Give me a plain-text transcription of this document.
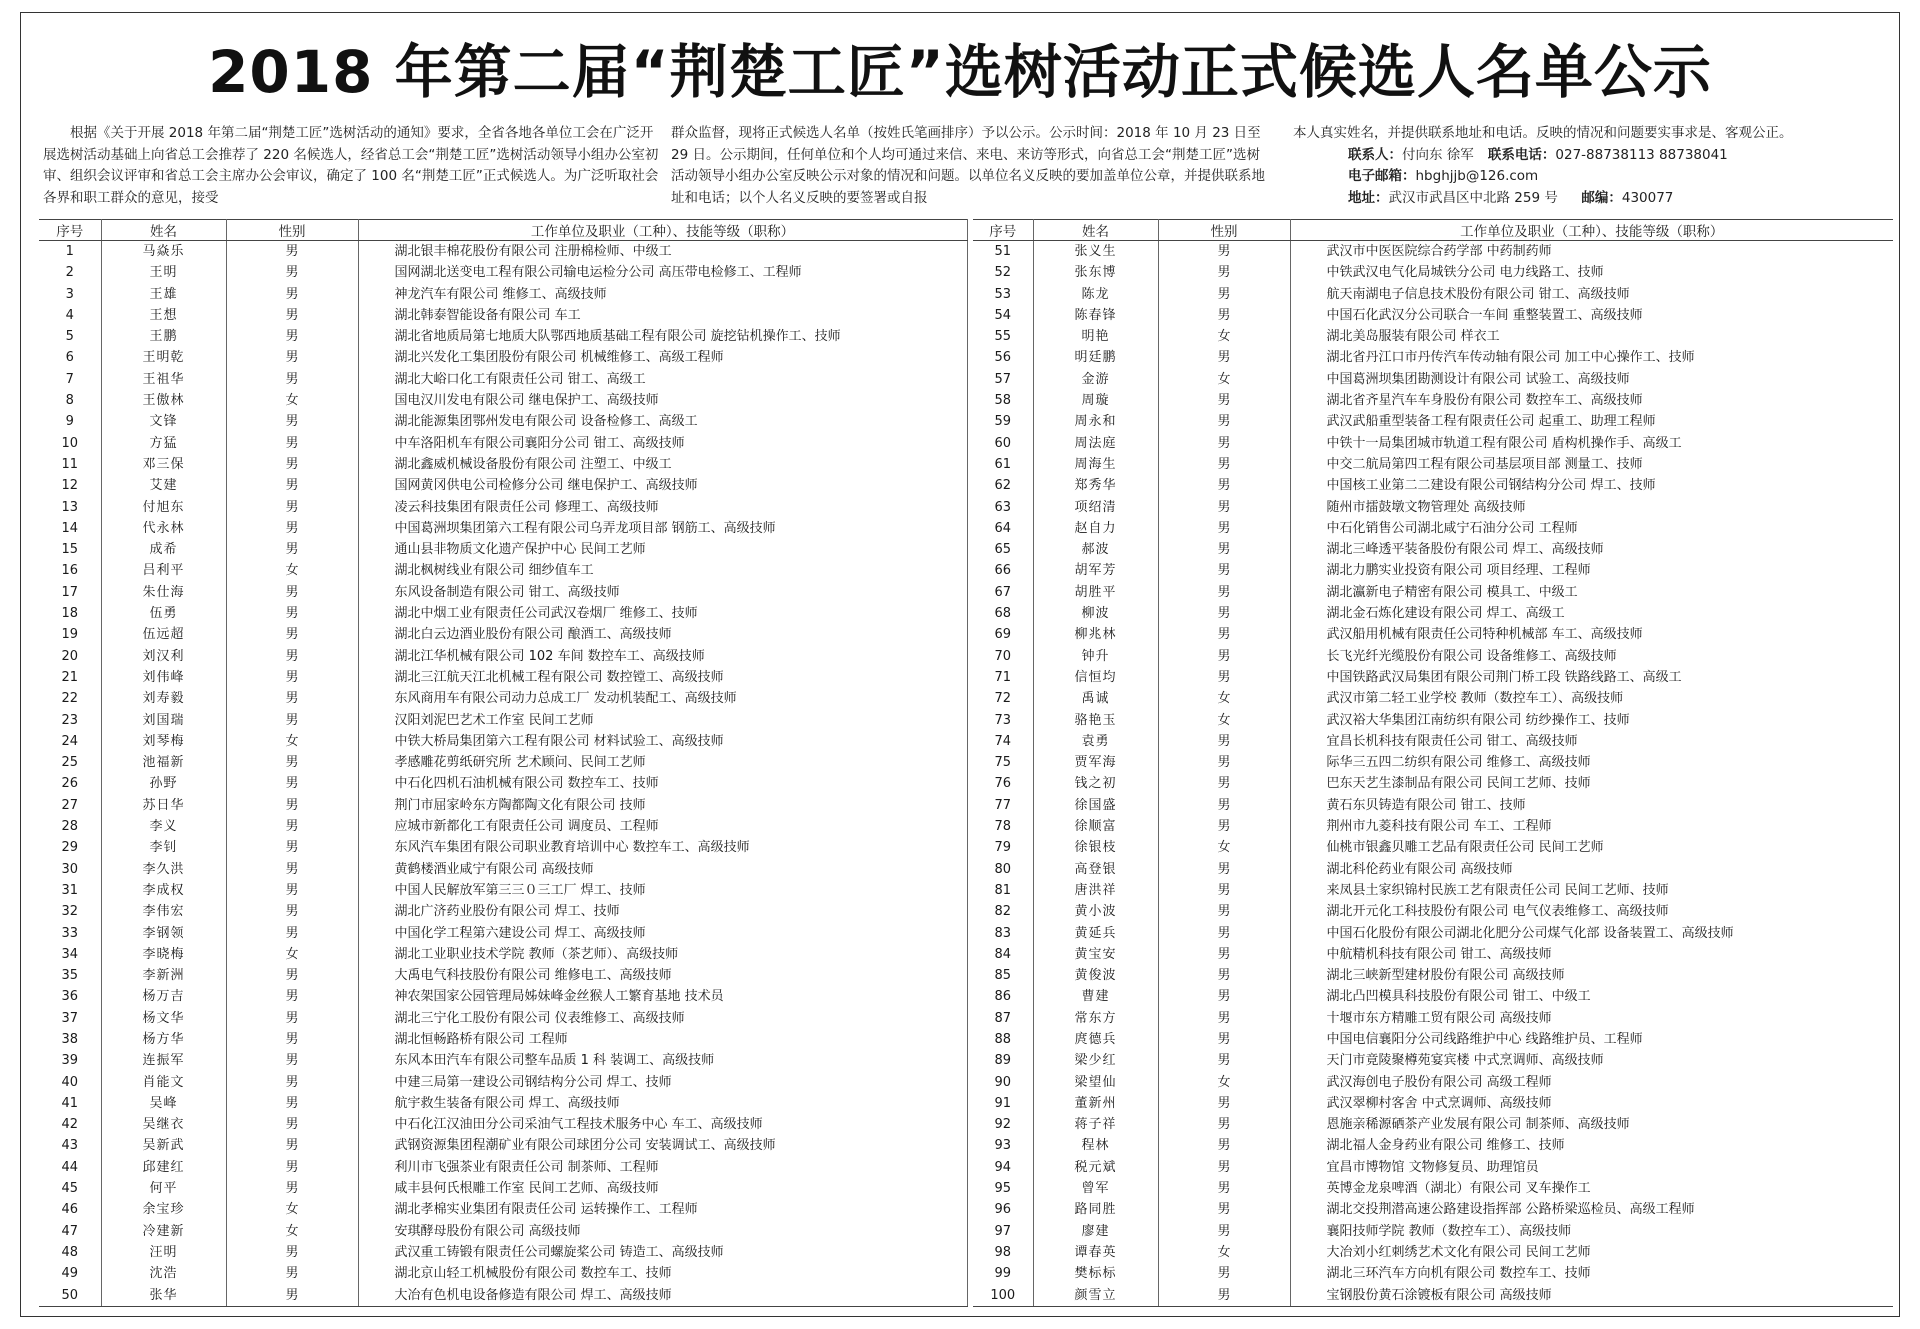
2018 年第二届“荆楚工匠”选树活动正式候选人名单公示

根据《关于开展 2018 年第二届“荆楚工匠”选树活动的通知》要求，全省各地各单位工会在广泛开展选树活动基础上向省总工会推荐了 220 名候选人，经省总工会“荆楚工匠”选树活动领导小组办公室初审、组织会议评审和省总工会主席办公会审议，确定了 100 名“荆楚工匠”正式候选人。为广泛听取社会各界和职工群众的意见，接受

群众监督，现将正式候选人名单（按姓氏笔画排序）予以公示。公示时间：2018 年 10 月 23 日至 29 日。公示期间，任何单位和个人均可通过来信、来电、来访等形式，向省总工会“荆楚工匠”选树活动领导小组办公室反映公示对象的情况和问题。以单位名义反映的要加盖单位公章，并提供联系地址和电话；以个人名义反映的要签署或自报

本人真实姓名，并提供联系地址和电话。反映的情况和问题要实事求是、客观公正。

联系人：付向东 徐军 联系电话：027-88738113 88738041

电子邮箱：hbghjjb@126.com

地址：武汉市武昌区中北路 259 号 邮编：430077

序号	姓名	性别	工作单位及职业（工种）、技能等级（职称）
1	马焱乐	男	湖北银丰棉花股份有限公司 注册棉检师、中级工
2	王明	男	国网湖北送变电工程有限公司输电运检分公司 高压带电检修工、工程师
3	王雄	男	神龙汽车有限公司 维修工、高级技师
4	王想	男	湖北韩泰智能设备有限公司 车工
5	王鹏	男	湖北省地质局第七地质大队鄂西地质基础工程有限公司 旋挖钻机操作工、技师
6	王明乾	男	湖北兴发化工集团股份有限公司 机械维修工、高级工程师
7	王祖华	男	湖北大峪口化工有限责任公司 钳工、高级工
8	王傲林	女	国电汉川发电有限公司 继电保护工、高级技师
9	文锋	男	湖北能源集团鄂州发电有限公司 设备检修工、高级工
10	方猛	男	中车洛阳机车有限公司襄阳分公司 钳工、高级技师
11	邓三保	男	湖北鑫威机械设备股份有限公司 注塑工、中级工
12	艾建	男	国网黄冈供电公司检修分公司 继电保护工、高级技师
13	付旭东	男	凌云科技集团有限责任公司 修理工、高级技师
14	代永林	男	中国葛洲坝集团第六工程有限公司乌弄龙项目部 钢筋工、高级技师
15	成希	男	通山县非物质文化遗产保护中心 民间工艺师
16	吕利平	女	湖北枫树线业有限公司 细纱值车工
17	朱仕海	男	东风设备制造有限公司 钳工、高级技师
18	伍勇	男	湖北中烟工业有限责任公司武汉卷烟厂 维修工、技师
19	伍远超	男	湖北白云边酒业股份有限公司 酿酒工、高级技师
20	刘汉利	男	湖北江华机械有限公司 102 车间 数控车工、高级技师
21	刘伟峰	男	湖北三江航天江北机械工程有限公司 数控镗工、高级技师
22	刘寿毅	男	东风商用车有限公司动力总成工厂 发动机装配工、高级技师
23	刘国瑞	男	汉阳刘泥巴艺术工作室 民间工艺师
24	刘琴梅	女	中铁大桥局集团第六工程有限公司 材料试验工、高级技师
25	池福新	男	孝感雕花剪纸研究所 艺术顾问、民间工艺师
26	孙野	男	中石化四机石油机械有限公司 数控车工、技师
27	苏日华	男	荆门市屈家岭东方陶都陶文化有限公司 技师
28	李义	男	应城市新都化工有限责任公司 调度员、工程师
29	李钊	男	东风汽车集团有限公司职业教育培训中心 数控车工、高级技师
30	李久洪	男	黄鹤楼酒业咸宁有限公司 高级技师
31	李成权	男	中国人民解放军第三三０三工厂 焊工、技师
32	李伟宏	男	湖北广济药业股份有限公司 焊工、技师
33	李钢领	男	中国化学工程第六建设公司 焊工、高级技师
34	李晓梅	女	湖北工业职业技术学院 教师（茶艺师）、高级技师
35	李新洲	男	大禹电气科技股份有限公司 维修电工、高级技师
36	杨万吉	男	神农架国家公园管理局姊妹峰金丝猴人工繁育基地 技术员
37	杨文华	男	湖北三宁化工股份有限公司 仪表维修工、高级技师
38	杨方华	男	湖北恒畅路桥有限公司 工程师
39	连振军	男	东风本田汽车有限公司整车品质 1 科 装调工、高级技师
40	肖能文	男	中建三局第一建设公司钢结构分公司 焊工、技师
41	吴峰	男	航宇救生装备有限公司 焊工、高级技师
42	吴继衣	男	中石化江汉油田分公司采油气工程技术服务中心 车工、高级技师
43	吴新武	男	武钢资源集团程潮矿业有限公司球团分公司 安装调试工、高级技师
44	邱建红	男	利川市飞强茶业有限责任公司 制茶师、工程师
45	何平	男	咸丰县何氏根雕工作室 民间工艺师、高级技师
46	余宝珍	女	湖北孝棉实业集团有限责任公司 运转操作工、工程师
47	冷建新	女	安琪酵母股份有限公司 高级技师
48	汪明	男	武汉重工铸锻有限责任公司螺旋桨公司 铸造工、高级技师
49	沈浩	男	湖北京山轻工机械股份有限公司 数控车工、技师
50	张华	男	大冶有色机电设备修造有限公司 焊工、高级技师
序号	姓名	性别	工作单位及职业（工种）、技能等级（职称）
51	张义生	男	武汉市中医医院综合药学部 中药制药师
52	张东博	男	中铁武汉电气化局城铁分公司 电力线路工、技师
53	陈龙	男	航天南湖电子信息技术股份有限公司 钳工、高级技师
54	陈春锋	男	中国石化武汉分公司联合一车间 重整装置工、高级技师
55	明艳	女	湖北美岛服装有限公司 样衣工
56	明廷鹏	男	湖北省丹江口市丹传汽车传动轴有限公司 加工中心操作工、技师
57	金游	女	中国葛洲坝集团勘测设计有限公司 试验工、高级技师
58	周璇	男	湖北省齐星汽车车身股份有限公司 数控车工、高级技师
59	周永和	男	武汉武船重型装备工程有限责任公司 起重工、助理工程师
60	周法庭	男	中铁十一局集团城市轨道工程有限公司 盾构机操作手、高级工
61	周海生	男	中交二航局第四工程有限公司基层项目部 测量工、技师
62	郑秀华	男	中国核工业第二二建设有限公司钢结构分公司 焊工、技师
63	项绍清	男	随州市擂鼓墩文物管理处 高级技师
64	赵自力	男	中石化销售公司湖北咸宁石油分公司 工程师
65	郝波	男	湖北三峰透平装备股份有限公司 焊工、高级技师
66	胡军芳	男	湖北力鹏实业投资有限公司 项目经理、工程师
67	胡胜平	男	湖北瀛新电子精密有限公司 模具工、中级工
68	柳波	男	湖北金石炼化建设有限公司 焊工、高级工
69	柳兆林	男	武汉船用机械有限责任公司特种机械部 车工、高级技师
70	钟升	男	长飞光纤光缆股份有限公司 设备维修工、高级技师
71	信恒均	男	中国铁路武汉局集团有限公司荆门桥工段 铁路线路工、高级工
72	禹诚	女	武汉市第二轻工业学校 教师（数控车工）、高级技师
73	骆艳玉	女	武汉裕大华集团江南纺织有限公司 纺纱操作工、技师
74	袁勇	男	宜昌长机科技有限责任公司 钳工、高级技师
75	贾军海	男	际华三五四二纺织有限公司 维修工、高级技师
76	钱之初	男	巴东天艺生漆制品有限公司 民间工艺师、技师
77	徐国盛	男	黄石东贝铸造有限公司 钳工、技师
78	徐顺富	男	荆州市九菱科技有限公司 车工、工程师
79	徐银枝	女	仙桃市银鑫贝雕工艺品有限责任公司 民间工艺师
80	高登银	男	湖北科伦药业有限公司 高级技师
81	唐洪祥	男	来凤县土家织锦村民族工艺有限责任公司 民间工艺师、技师
82	黄小波	男	湖北开元化工科技股份有限公司 电气仪表维修工、高级技师
83	黄延兵	男	中国石化股份有限公司湖北化肥分公司煤气化部 设备装置工、高级技师
84	黄宝安	男	中航精机科技有限公司 钳工、高级技师
85	黄俊波	男	湖北三峡新型建材股份有限公司 高级技师
86	曹建	男	湖北凸凹模具科技股份有限公司 钳工、中级工
87	常东方	男	十堰市东方精雕工贸有限公司 高级技师
88	庹德兵	男	中国电信襄阳分公司线路维护中心 线路维护员、工程师
89	梁少红	男	天门市竟陵聚樽苑宴宾楼 中式烹调师、高级技师
90	梁望仙	女	武汉海创电子股份有限公司 高级工程师
91	董新州	男	武汉翠柳村客舍 中式烹调师、高级技师
92	蒋子祥	男	恩施亲稀源硒茶产业发展有限公司 制茶师、高级技师
93	程林	男	湖北福人金身药业有限公司 维修工、技师
94	税元斌	男	宜昌市博物馆 文物修复员、助理馆员
95	曾军	男	英博金龙泉啤酒（湖北）有限公司 叉车操作工
96	路同胜	男	湖北交投荆潜高速公路建设指挥部 公路桥梁巡检员、高级工程师
97	廖建	男	襄阳技师学院 教师（数控车工）、高级技师
98	谭春英	女	大冶刘小红刺绣艺术文化有限公司 民间工艺师
99	樊标标	男	湖北三环汽车方向机有限公司 数控车工、技师
100	颜雪立	男	宝钢股份黄石涂镀板有限公司 高级技师
